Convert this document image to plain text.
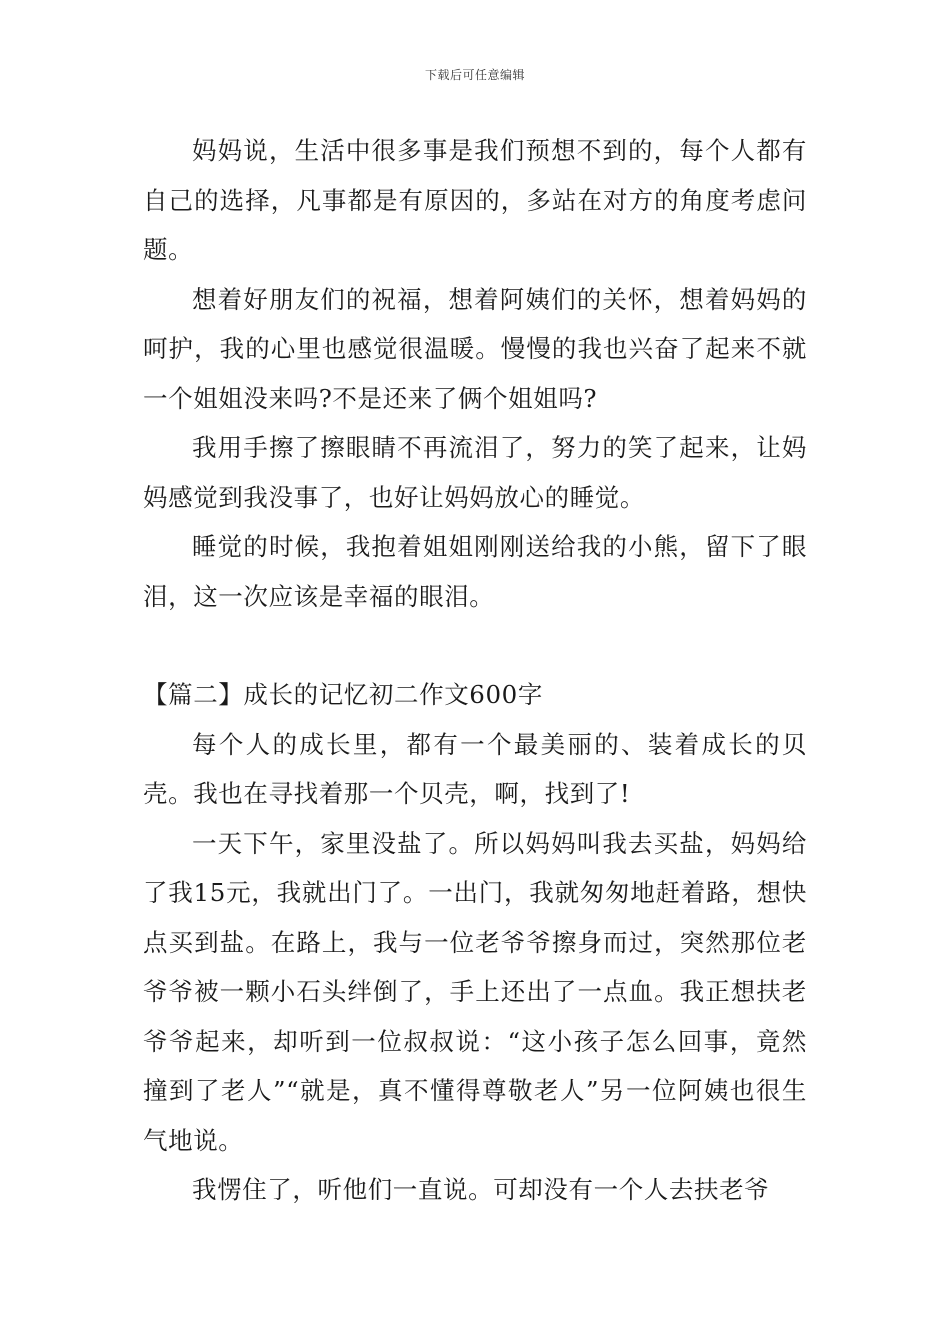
下载后可任意编辑

妈妈说，生活中很多事是我们预想不到的，每个人都有自己的选择，凡事都是有原因的，多站在对方的角度考虑问题。

想着好朋友们的祝福，想着阿姨们的关怀，想着妈妈的呵护，我的心里也感觉很温暖。慢慢的我也兴奋了起来不就一个姐姐没来吗?不是还来了俩个姐姐吗?

我用手擦了擦眼睛不再流泪了，努力的笑了起来，让妈妈感觉到我没事了，也好让妈妈放心的睡觉。

睡觉的时候，我抱着姐姐刚刚送给我的小熊，留下了眼泪，这一次应该是幸福的眼泪。

【篇二】成长的记忆初二作文600字

每个人的成长里，都有一个最美丽的、装着成长的贝壳。我也在寻找着那一个贝壳，啊，找到了!

一天下午，家里没盐了。所以妈妈叫我去买盐，妈妈给了我15元，我就出门了。一出门，我就匆匆地赶着路，想快点买到盐。在路上，我与一位老爷爷擦身而过，突然那位老爷爷被一颗小石头绊倒了，手上还出了一点血。我正想扶老爷爷起来，却听到一位叔叔说：“这小孩子怎么回事，竟然撞到了老人”“就是，真不懂得尊敬老人”另一位阿姨也很生气地说。

我愣住了，听他们一直说。可却没有一个人去扶老爷
